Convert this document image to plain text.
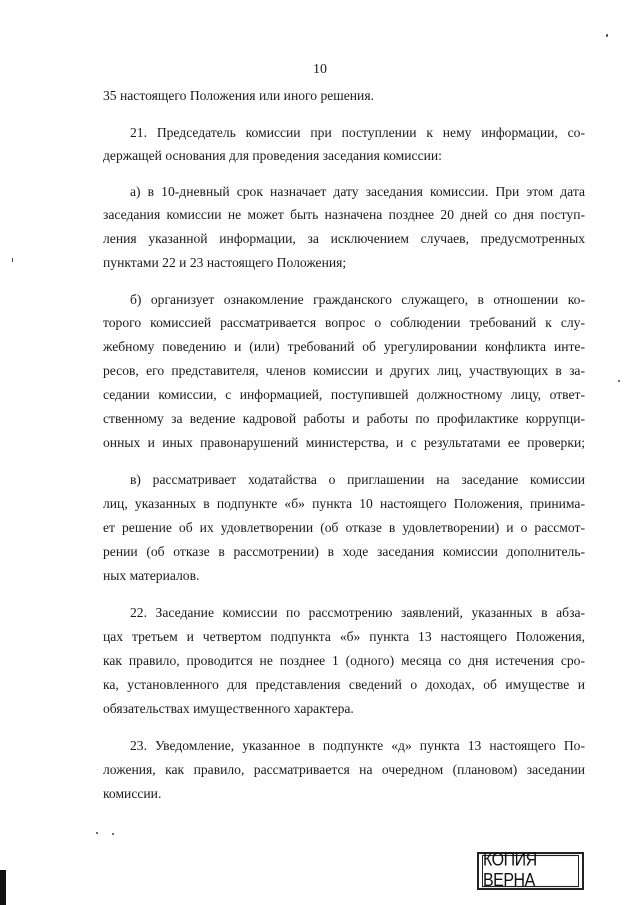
10
35 настоящего Положения или иного решения.
21. Председатель комиссии при поступлении к нему информации, со-
держащей основания для проведения заседания комиссии:
а) в 10-дневный срок назначает дату заседания комиссии. При этом дата
заседания комиссии не может быть назначена позднее 20 дней со дня поступ-
ления указанной информации, за исключением случаев, предусмотренных
пунктами 22 и 23 настоящего Положения;
б) организует ознакомление гражданского служащего, в отношении ко-
торого комиссией рассматривается вопрос о соблюдении требований к слу-
жебному поведению и (или) требований об урегулировании конфликта инте-
ресов, его представителя, членов комиссии и других лиц, участвующих в за-
седании комиссии, с информацией, поступившей должностному лицу, ответ-
ственному за ведение кадровой работы и работы по профилактике коррупци-
онных и иных правонарушений министерства, и с результатами ее проверки;
в) рассматривает ходатайства о приглашении на заседание комиссии
лиц, указанных в подпункте «б» пункта 10 настоящего Положения, принима-
ет решение об их удовлетворении (об отказе в удовлетворении) и о рассмот-
рении (об отказе в рассмотрении) в ходе заседания комиссии дополнитель-
ных материалов.
22. Заседание комиссии по рассмотрению заявлений, указанных в абза-
цах третьем и четвертом подпункта «б» пункта 13 настоящего Положения,
как правило, проводится не позднее 1 (одного) месяца со дня истечения сро-
ка, установленного для представления сведений о доходах, об имуществе и
обязательствах имущественного характера.
23. Уведомление, указанное в подпункте «д» пункта 13 настоящего По-
ложения, как правило, рассматривается на очередном (плановом) заседании
комиссии.
КОПИЯ ВЕРНА
